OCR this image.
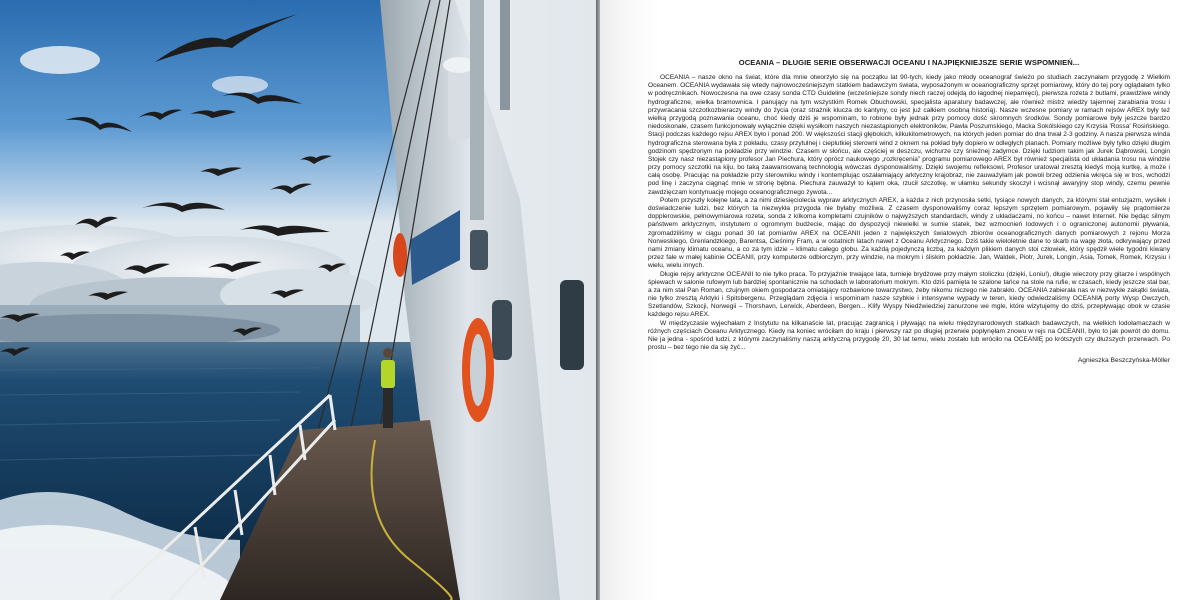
OCEANIA – DŁUGIE SERIE OBSERWACJI OCEANU I NAJPIĘKNIEJSZE SERIE WSPOMNIEŃ...

OCEANIA – nasze okno na świat, które dla mnie otworzyło się na początku lat 90-tych, kiedy jako młody oceanograf świeżo po studiach zaczynałam przygodę z Wielkim Oceanem. OCEANIA wydawała się wtedy najnowocześniejszym statkiem badawczym świata, wyposażonym w oceanograficzny sprzęt pomiarowy, który do tej pory oglądałam tylko w podręcznikach. Nowoczesna na owe czasy sonda CTD Guideline (wcześniejsze sondy niech raczej odejdą do łagodnej niepamięci), pierwsza rozeta z butlami, prawdziwe windy hydrograficzne, wielka bramownica. I panujący na tym wszystkim Romek Obuchowski, specjalista aparatury badawczej, ale również mistrz wiedzy tajemnej zarabiania trosu i przywracania szczotkozbieraczy windy do życia (oraz strażnik klucza do kantyny, co jest już całkiem osobną historią). Nasze wczesne pomiary w ramach rejsów AREX były też wielką przygodą poznawania oceanu, choć kiedy dziś je wspominam, to robione były jednak przy pomocy dość skromnych środków. Sondy pomiarowe były jeszcze bardzo niedoskonałe, czasem funkcjonowały wyłącznie dzięki wysiłkom naszych niezastąpionych elektroników, Pawła Poszumskiego, Macka Sokólskiego czy Krzysia 'Rossa' Rosińskiego. Stacji podczas każdego rejsu AREX było i ponad 200. W większości stacji głębokich, kilkukilometrowych, na których jeden pomiar do dna trwał 2-3 godziny. A nasza pierwsza winda hydrograficzna sterowana była z pokładu, czasy przytulnej i cieplutkiej sterowni wind z oknem na pokład były dopiero w odległych planach. Pomiary możliwe były tylko dzięki długim godzinom spędzonym na pokładzie przy windzie. Czasem w słońcu, ale częściej w deszczu, wichurze czy śnieżnej zadymce. Dzięki ludziom takim jak Jurek Dąbrowski, Longin Stojek czy nasz niezastąpiony profesor Jan Piechura, który oprócz naukowego „rozkręcenia” programu pomiarowego AREX był również specjalista od układania trosu na windzie przy pomocy szczotki na kiju, bo taką zaawansowaną technologią wówczas dysponowaliśmy. Dzięki swojemu refleksowi, Profesor uratował zresztą kiedyś moją kurtkę, a może i całą osobę. Pracując na pokładzie przy sterowniku windy i kontemplując oszałamiający arktyczny krajobraz, nie zauważyłam jak powoli brzeg odzienia wkręca się w tros, wchodzi pod linę i zaczyna ciągnąć mnie w stronę bębna. Piechura zauważył to kątem oka, rzucił szczotkę, w ułamku sekundy skoczył i wcisnął awaryjny stop windy, czemu pewnie zawdzięczam kontynuację mojego oceanograficznego żywota...

Potem przyszły kolejne lata, a za nimi dziesięciolecia wypraw arktycznych AREX, a każda z nich przynosiła setki, tysiące nowych danych, za którymi stał entuzjazm, wysiłek i doświadczenie ludzi, bez których ta niezwykła przygoda nie byłaby możliwa. Z czasem dysponowaliśmy coraz lepszym sprzętem pomiarowym, pojawiły się prądomierze dopplerowskie, pełnowymiarowa rozeta, sonda z kilkoma kompletami czujników o najwyższych standardach, windy z układaczami, no końcu – nawet Internet. Nie będąc silnym państwem arktycznym, instytutem o ogromnym budżecie, mając do dyspozycji niewielki w sumie statek, bez wzmocnień lodowych i o ograniczonej autonomii pływania, zgromadziliśmy w ciągu ponad 30 lat pomiarów AREX na OCEANII jeden z największych światowych zbiorów oceanograficznych danych pomiarowych z rejonu Morza Norweskiego, Grenlandzkiego, Barentsa, Cieśniny Fram, a w ostatnich latach nawet z Oceanu Arktycznego. Dziś takie wieloletnie dane to skarb na wagę złota, odkrywający przed nami zmiany klimatu oceanu, a co za tym idzie – klimatu całego globu. Za każdą pojedynczą liczbą, za każdym plikiem danych stoi człowiek, który spędził wiele tygodni kiwany przez fale w małej kabinie OCEANII, przy komputerze odbiorczym, przy windzie, na mokrym i śliskim pokładzie. Jan, Waldek, Piotr, Jurek, Longin, Asia, Tomek, Romek, Krzysiu i wielu, wielu innych.

Długie rejsy arktyczne OCEANII to nie tylko praca. To przyjaźnie trwające lata, turnieje brydżowe przy małym stoliczku (dzięki, Loniu!), długie wieczory przy gitarze i wspólnych śpiewach w salonie rufowym lub bardziej spontanicznie na schodach w laboratorium mokrym. Kto dziś pamięta te szalone tańce na stole na rufie, w czasach, kiedy jeszcze stał bar, a za nim stał Pan Roman, czujnym okiem gospodarza omiatający rozbawione towarzystwo, żeby nikomu niczego nie zabrakło. OCEANIA zabierała nas w niezwykłe zakątki świata, nie tylko zresztą Arktyki i Spitsbergenu. Przeglądam zdjęcia i wspominam nasze szybkie i intensywne wypady w teren, kiedy odwiedzaliśmy OCEANIĄ porty Wysp Owczych, Szetlandów, Szkocji, Norwegii – Thorshavn, Lerwick, Aberdeen, Bergen... Klify Wyspy Niedźwiedziej zanurzone we mgle, które wizytujemy do dziś, przepływając obok w czasie każdego rejsu AREX.

W międzyczasie wyjechałam z Instytutu na kilkanaście lat, pracując zagranicą i pływając na wielu międzynarodowych statkach badawczych, na wielkich lodołamaczach w różnych częściach Oceanu Arktycznego. Kiedy na koniec wróciłam do kraju i pierwszy raz po długiej przerwie popłynęłam znowu w rejs na OCEANII, było to jak powrót do domu. Nie ja jedna - spośród ludzi, z którymi zaczynaliśmy naszą arktyczną przygodę 20, 30 lat temu, wielu zostało lub wróciło na OCEANIĘ po krótszych czy dłuższych przerwach. Po prostu – bez tego nie da się żyć...

Agnieszka Beszczyńska-Möller
